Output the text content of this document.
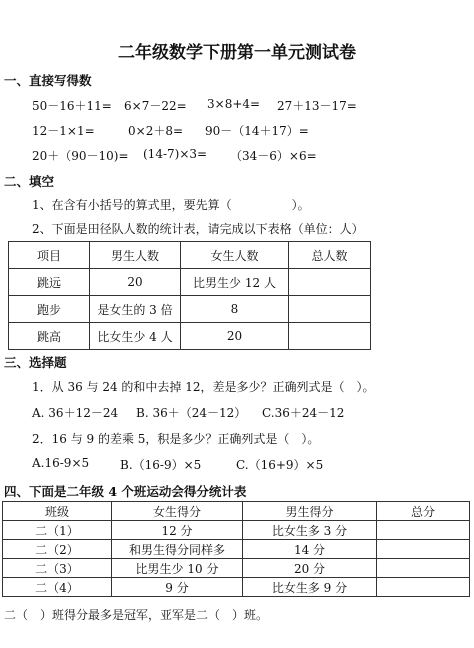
二年级数学下册第一单元测试卷
一、直接写得数
50－16＋11= 6×7－22= 3×8+4= 27＋13－17=
12－1×1=	0×2＋8= 90－（14＋17）=
20＋（90－10)= (14-7)×3= （34－6）×6=
二、填空
1、在含有小括号的算式里，要先算（　　　　　）。
2、下面是田径队人数的统计表，请完成以下表格（单位：人）
项目	男生人数	女生人数	总人数
跳远	20	比男生少 12 人	
跑步	是女生的 3 倍	8	
跳高	比女生少 4 人	20	
三、选择题
1．从 36 与 24 的和中去掉 12，差是多少？正确列式是（　）。
A. 36＋12－24 B. 36＋（24－12） C.36＋24－12
2．16 与 9 的差乘 5，积是多少？正确列式是（　）。
A.16-9×5	B.（16-9）×5	C.（16+9）×5
四、下面是二年级 4 个班运动会得分统计表
班级	女生得分	男生得分	总分
二（1）	12 分	比女生多 3 分	
二（2）	和男生得分同样多	14 分	
二（3）	比男生少 10 分	20 分	
二（4）	9 分	比女生多 9 分	
二（　）班得分最多是冠军，亚军是二（　）班。
